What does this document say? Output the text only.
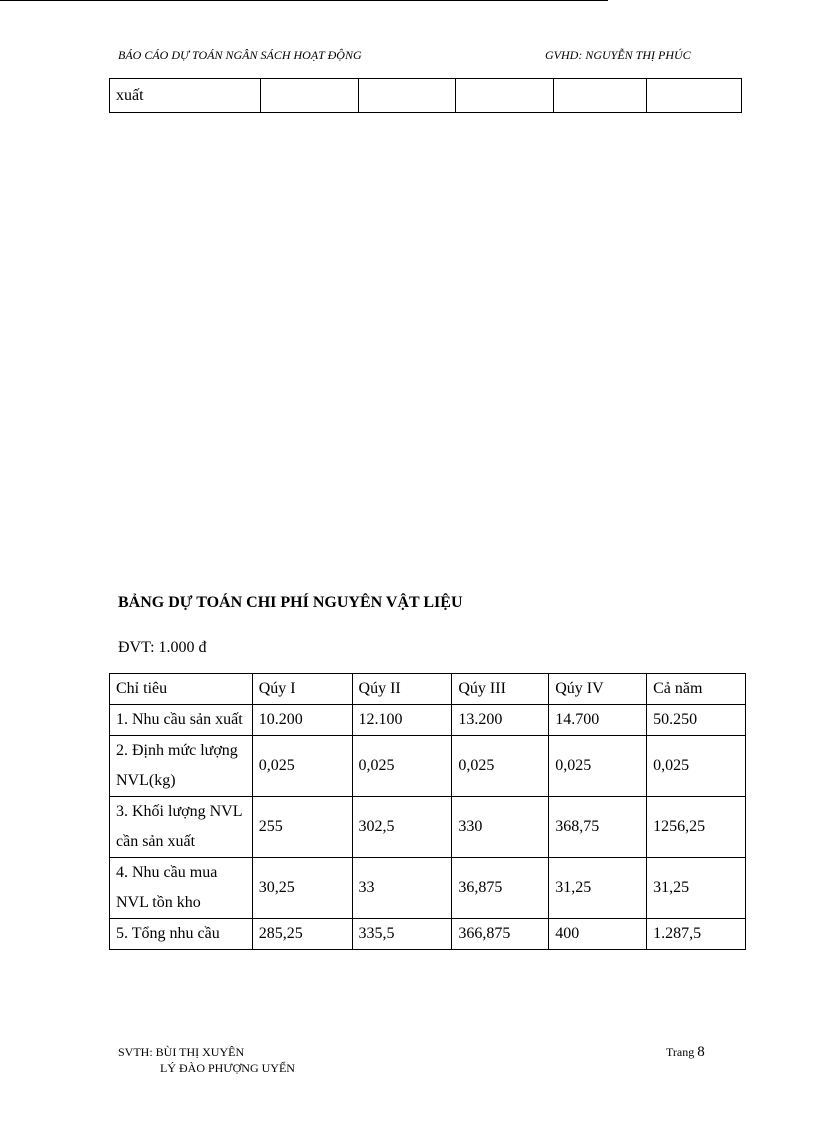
BÁO CÁO DỰ TOÁN NGÂN SÁCH HOẠT ĐỘNG	GVHD: NGUYỄN THỊ PHÚC
xuất					
BẢNG DỰ TOÁN CHI PHÍ NGUYÊN VẬT LIỆU
ĐVT: 1.000 đ
Chỉ tiêu	Qúy I	Qúy II	Qúy III	Qúy IV	Cả năm
1. Nhu cầu sản xuất	10.200	12.100	13.200	14.700	50.250
2. Định mức lượng NVL(kg)	0,025	0,025	0,025	0,025	0,025
3. Khối lượng NVL cần sản xuất	255	302,5	330	368,75	1256,25
4. Nhu cầu mua NVL tồn kho	30,25	33	36,875	31,25	31,25
5. Tổng nhu cầu	285,25	335,5	366,875	400	1.287,5
SVTH: BÙI THỊ XUYÊN
LÝ ĐÀO PHƯỢNG UYỂN
Trang 8
